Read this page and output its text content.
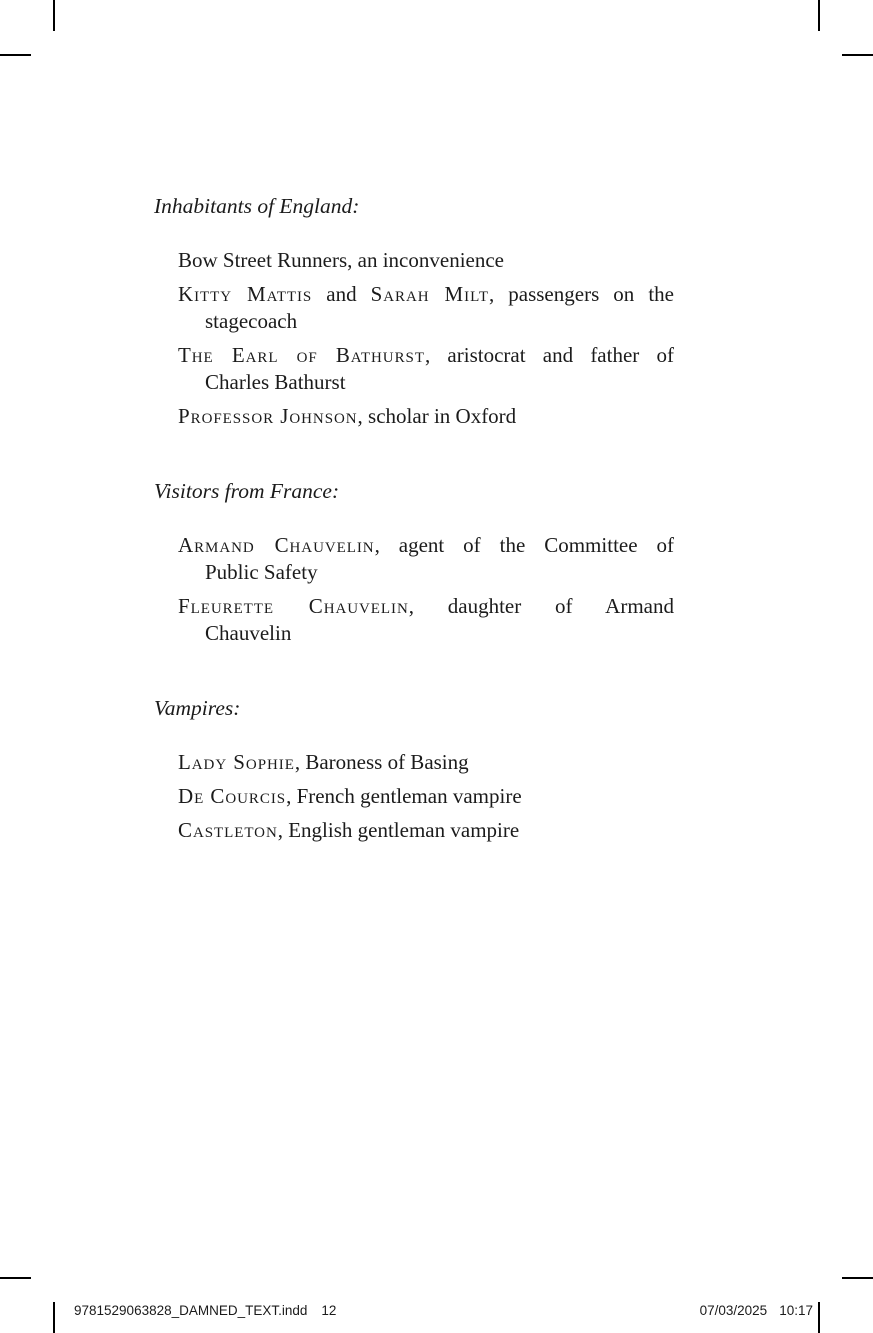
Inhabitants of England:

Bow Street Runners, an inconvenience

Kitty Mattis and Sarah Milt, passengers on the
stagecoach

The Earl of Bathurst, aristocrat and father of
Charles Bathurst

Professor Johnson, scholar in Oxford

Visitors from France:

Armand Chauvelin, agent of the Committee of
Public Safety

Fleurette Chauvelin, daughter of Armand
Chauvelin

Vampires:

Lady Sophie, Baroness of Basing

De Courcis, French gentleman vampire

Castleton, English gentleman vampire

9781529063828_DAMNED_TEXT.indd 12	07/03/2025 10:17
